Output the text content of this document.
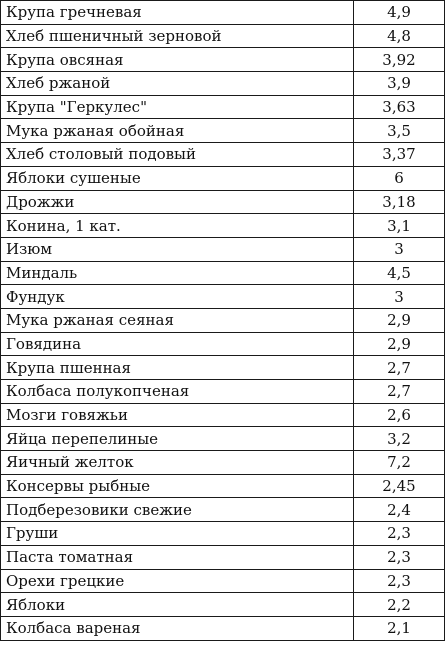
Крупа гречневая	4,9
Хлеб пшеничный зерновой	4,8
Крупа овсяная	3,92
Хлеб ржаной	3,9
Крупа "Геркулес"	3,63
Мука ржаная обойная	3,5
Хлеб столовый подовый	3,37
Яблоки сушеные	6
Дрожжи	3,18
Конина, 1 кат.	3,1
Изюм	3
Миндаль	4,5
Фундук	3
Мука ржаная сеяная	2,9
Говядина	2,9
Крупа пшенная	2,7
Колбаса полукопченая	2,7
Мозги говяжьи	2,6
Яйца перепелиные	3,2
Яичный желток	7,2
Консервы рыбные	2,45
Подберезовики свежие	2,4
Груши	2,3
Паста томатная	2,3
Орехи грецкие	2,3
Яблоки	2,2
Колбаса вареная	2,1
